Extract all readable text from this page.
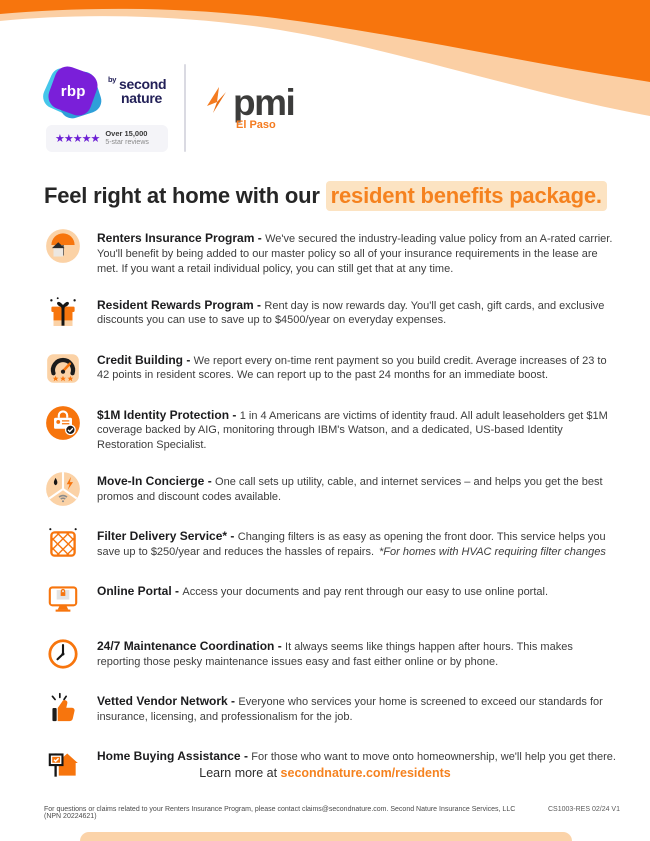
rbp
by second
nature
★★★★★ Over 15,000
5-star reviews
pmi
El Paso
Feel right at home with our resident benefits package.

Renters Insurance Program - We've secured the industry-leading value policy from an A-rated carrier. You'll benefit by being added to our master policy so all of your insurance requirements in the lease are met. If you want a retail individual policy, you can still get that at any time.

Resident Rewards Program - Rent day is now rewards day. You'll get cash, gift cards, and exclusive discounts you can use to save up to $4500/year on everyday expenses.

Credit Building - We report every on-time rent payment so you build credit. Average increases of 23 to 42 points in resident scores. We can report up to the past 24 months for an immediate boost.

$1M Identity Protection - 1 in 4 Americans are victims of identity fraud. All adult leaseholders get $1M coverage backed by AIG, monitoring through IBM's Watson, and a dedicated, US-based Identity Restoration Specialist.

Move-In Concierge - One call sets up utility, cable, and internet services – and helps you get the best promos and discount codes available.

Filter Delivery Service* - Changing filters is as easy as opening the front door. This service helps you save up to $250/year and reduces the hassles of repairs. *For homes with HVAC requiring filter changes

Online Portal - Access your documents and pay rent through our easy to use online portal.

24/7 Maintenance Coordination - It always seems like things happen after hours. This makes reporting those pesky maintenance issues easy and fast either online or by phone.

Vetted Vendor Network - Everyone who services your home is screened to exceed our standards for insurance, licensing, and professionalism for the job.

Home Buying Assistance - For those who want to move onto homeownership, we'll help you get there.

Learn more at secondnature.com/residents
For questions or claims related to your Renters Insurance Program, please contact claims@secondnature.com. Second Nature Insurance Services, LLC (NPN 20224621)
CS1003-RES 02/24 V1
